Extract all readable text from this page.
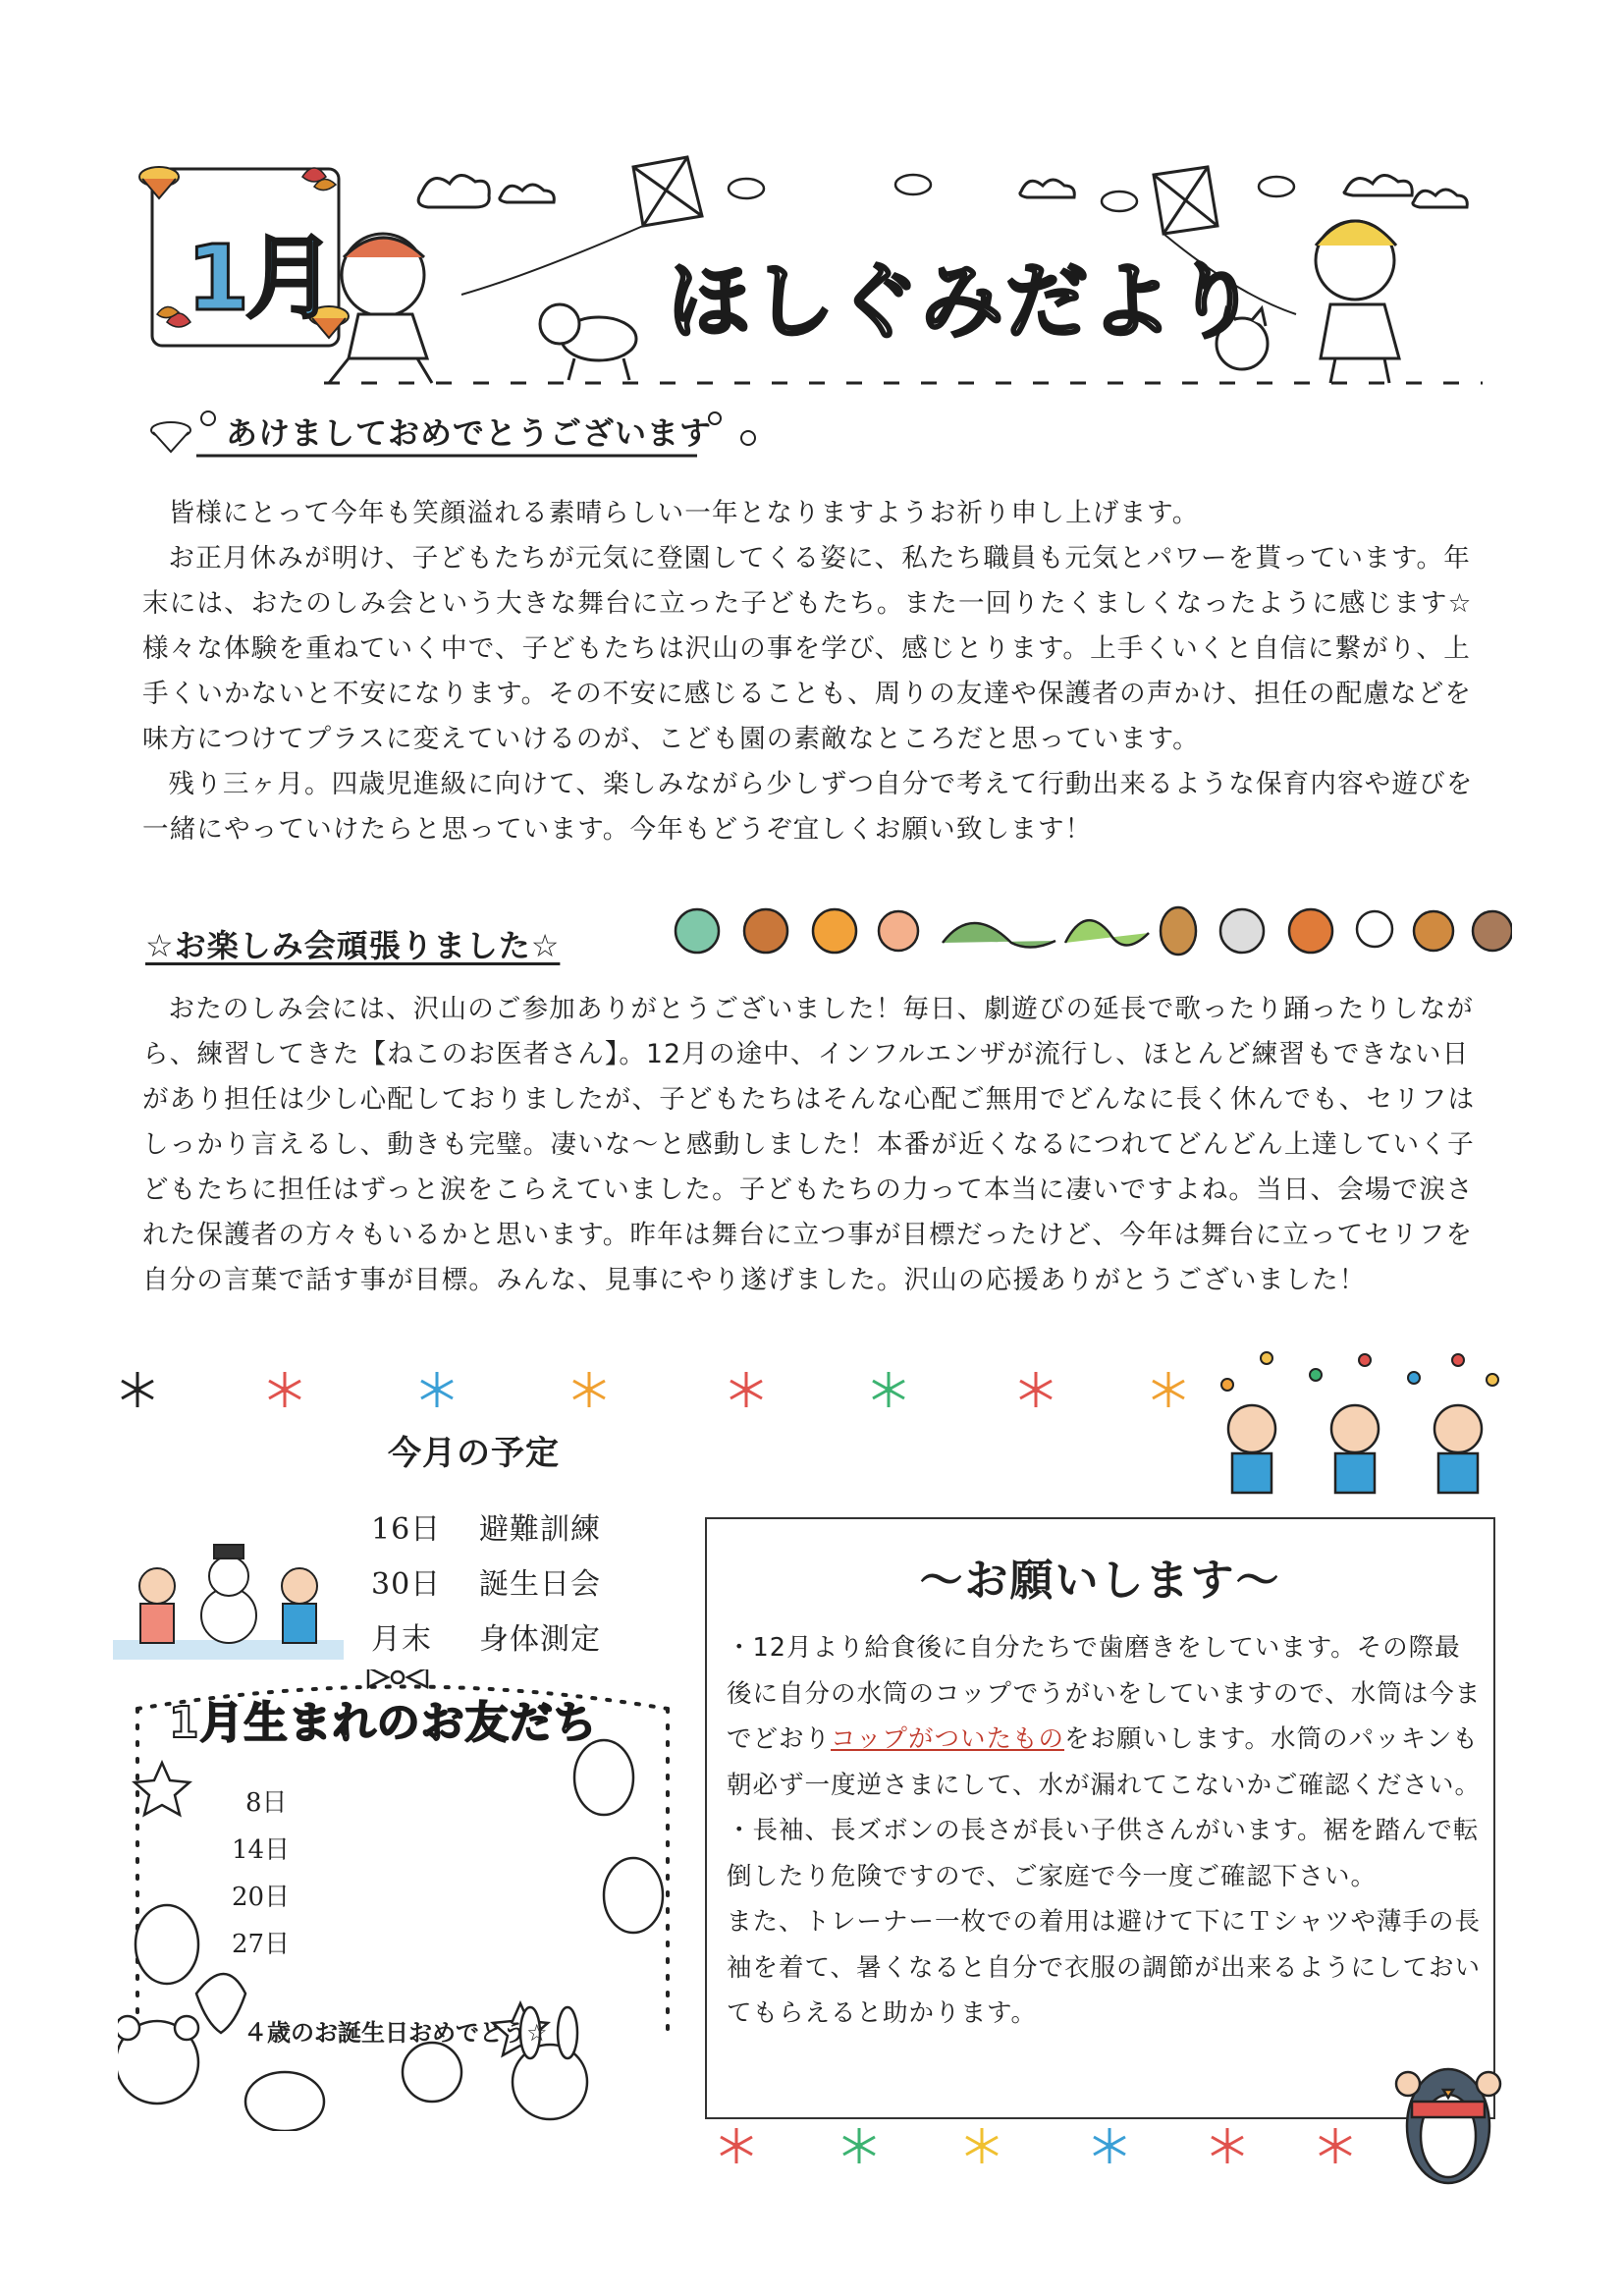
1月	ほしぐみだより
あけましておめでとうございます

皆様にとって今年も笑顔溢れる素晴らしい一年となりますようお祈り申し上げます。

お正月休みが明け、子どもたちが元気に登園してくる姿に、私たち職員も元気とパワーを貰っています。年末には、おたのしみ会という大きな舞台に立った子どもたち。また一回りたくましくなったように感じます☆様々な体験を重ねていく中で、子どもたちは沢山の事を学び、感じとります。上手くいくと自信に繋がり、上手くいかないと不安になります。その不安に感じることも、周りの友達や保護者の声かけ、担任の配慮などを味方につけてプラスに変えていけるのが、こども園の素敵なところだと思っています。

残り三ヶ月。四歳児進級に向けて、楽しみながら少しずつ自分で考えて行動出来るような保育内容や遊びを一緒にやっていけたらと思っています。今年もどうぞ宜しくお願い致します！

☆お楽しみ会頑張りました☆

おたのしみ会には、沢山のご参加ありがとうございました！毎日、劇遊びの延長で歌ったり踊ったりしながら、練習してきた【ねこのお医者さん】。12月の途中、インフルエンザが流行し、ほとんど練習もできない日があり担任は少し心配しておりましたが、子どもたちはそんな心配ご無用でどんなに長く休んでも、セリフはしっかり言えるし、動きも完璧。凄いな〜と感動しました！本番が近くなるにつれてどんどん上達していく子どもたちに担任はずっと涙をこらえていました。子どもたちの力って本当に凄いですよね。当日、会場で涙された保護者の方々もいるかと思います。昨年は舞台に立つ事が目標だったけど、今年は舞台に立ってセリフを自分の言葉で話す事が目標。みんな、見事にやり遂げました。沢山の応援ありがとうございました！

今月の予定
16日 避難訓練
30日 誕生日会
月末 身体測定
1月生まれのお友だち
8日
14日
20日
27日
４歳のお誕生日おめでとう☆
〜お願いします〜

・12月より給食後に自分たちで歯磨きをしています。その際最後に自分の水筒のコップでうがいをしていますので、水筒は今までどおりコップがついたものをお願いします。水筒のパッキンも朝必ず一度逆さまにして、水が漏れてこないかご確認ください。

・長袖、長ズボンの長さが長い子供さんがいます。裾を踏んで転倒したり危険ですので、ご家庭で今一度ご確認下さい。

また、トレーナー一枚での着用は避けて下にＴシャツや薄手の長袖を着て、暑くなると自分で衣服の調節が出来るようにしておいてもらえると助かります。
